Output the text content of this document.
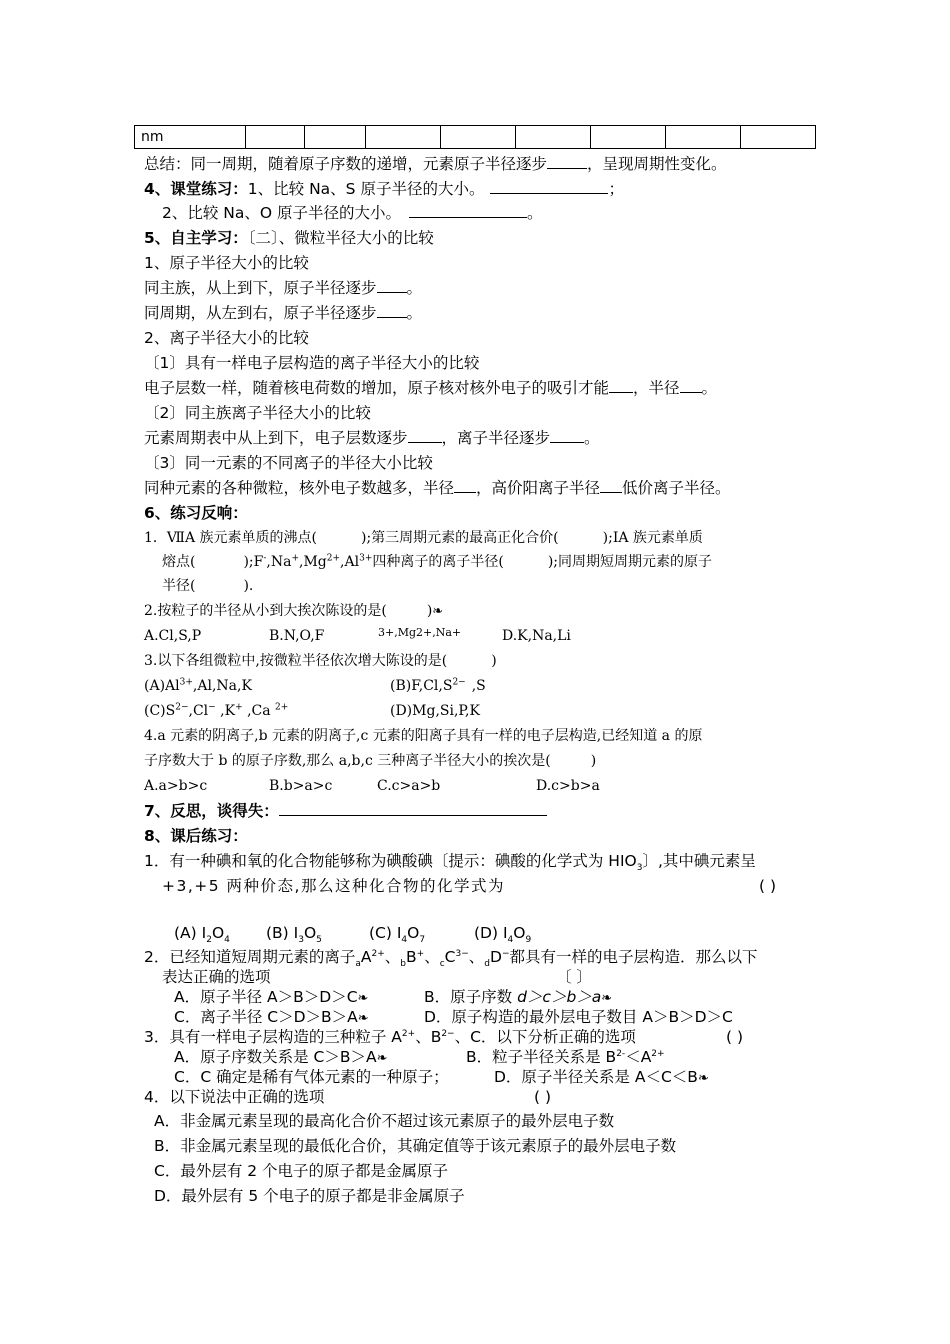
nm								
总结：同一周期，随着原子序数的递增，元素原子半径逐步	，呈现周期性变化。
4、课堂练习：1、比较 Na、S 原子半径的大小。	；
2、比较 Na、O 原子半径的大小。	。
5、自主学习：〔二〕、微粒半径大小的比较
1、原子半径大小的比较
同主族，从上到下，原子半径逐步 。
同周期，从左到右，原子半径逐步 。
2、离子半径大小的比较
〔1〕具有一样电子层构造的离子半径大小的比较
电子层数一样，随着核电荷数的增加，原子核对核外电子的吸引才能 ，半径 。
〔2〕同主族离子半径大小的比较
元素周期表中从上到下，电子层数逐步 ，离子半径逐步 。
〔3〕同一元素的不同离子的半径大小比较
同种元素的各种微粒，核外电子数越多，半径 ，高价阳离子半径 低价离子半径。
6、练习反响：
1．ⅦA 族元素单质的沸点(	);第三周期元素的最高正化合价(	);IA 族元素单质
熔点(	)$;F^-,Na^+,Mg^{2+},Al^{3+}$四种离子的离子半径(	);同周期短周期元素的原子
半径(	).
2.按粒子的半径从小到大挨次陈设的是(	)❧
A.Cl,S,P	B.N,O,F	3+,Mg2+,Na+	D.K,Na,Li
3.以下各组微粒中,按微粒半径依次增大陈设的是(	)
$(A)Al^{3+},Al,Na,K$	$(B)F,Cl,S^{2-}$ ,S
$(C)S^{2-},Cl^-$ ,K+ ,Ca $^{2+}$	(D)Mg,Si,P,K
4.a 元素的阴离子,b 元素的阴离子,c 元素的阳离子具有一样的电子层构造,已经知道 a 的原
子序数大于 b 的原子序数,那么 a,b,c 三种离子半径大小的挨次是(	)
A.a>b>c	B.b>a>c	C.c>a>b	D.c>b>a
7、反思，谈得失：
8、课后练习：
1．有一种碘和氧的化合物能够称为碘酸碘〔提示：碘酸的化学式为 $HIO_3$〕,其中碘元素呈
+3,+5 两种价态,那么这种化合物的化学式为	( )
(A) $I_2O_4$ (B) $I_3O_5$	(C) $I_4O_7$	(D) $I_4O_9$
2．已经知道短周期元素的离子$_aA^{2+}$、$_b$B+、$_cC^{3-}$、$_d$D−都具有一样的电子层构造．那么以下
表达正确的选项	〔 〕
A．原子半径 A＞B＞D＞C❧	B．原子序数 d＞c＞b＞a❧
C．离子半径 C＞D＞B＞A❧	D．原子构造的最外层电子数目 A＞B＞D＞C
3．具有一样电子层构造的三种粒子 $A^{2+}$、$B^{2-}$、C．以下分析正确的选项	( )
A．原子序数关系是 C＞B＞A❧	B．粒子半径关系是 $B^{2-}<A^{2+}$
C．C 确定是稀有气体元素的一种原子；	D．原子半径关系是 A＜C＜B❧
4．以下说法中正确的选项	( )
A．非金属元素呈现的最高化合价不超过该元素原子的最外层电子数
B．非金属元素呈现的最低化合价，其确定值等于该元素原子的最外层电子数
C．最外层有 2 个电子的原子都是金属原子
D．最外层有 5 个电子的原子都是非金属原子
